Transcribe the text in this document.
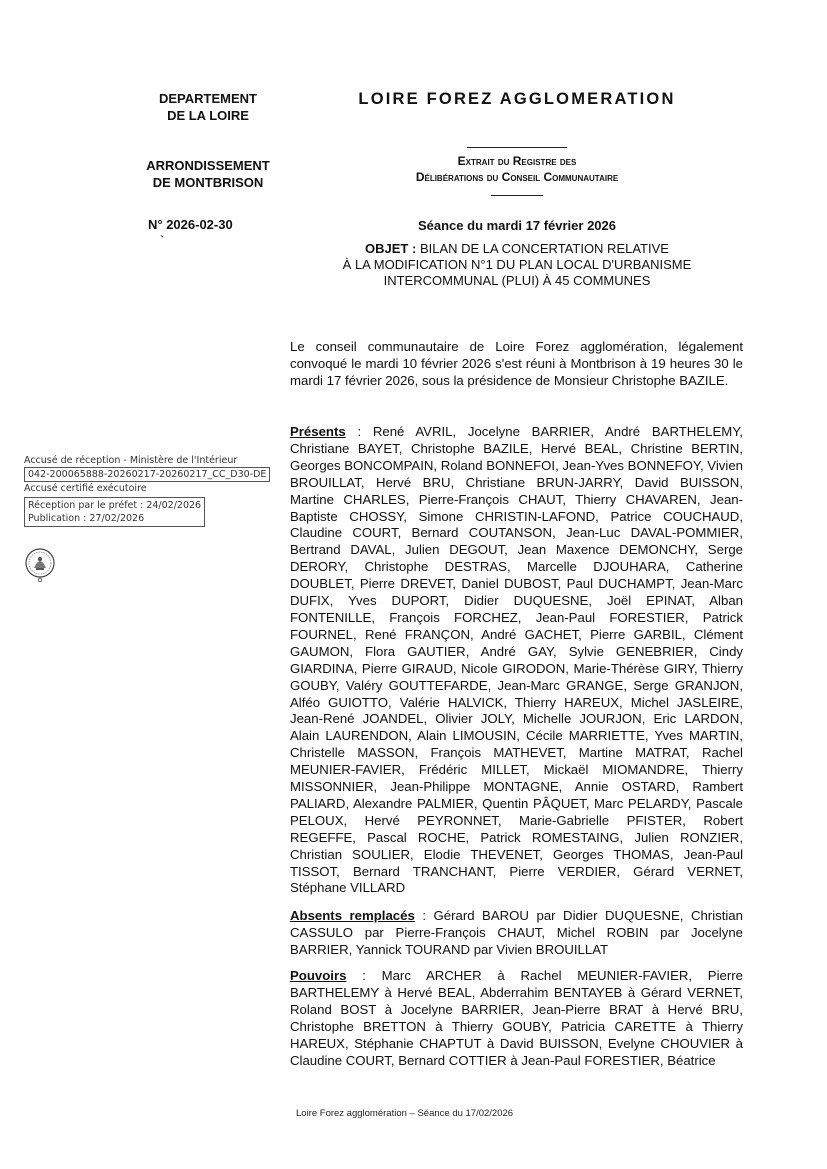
DEPARTEMENT
DE LA LOIRE
ARRONDISSEMENT
DE MONTBRISON
N° 2026-02-30
`
LOIRE FOREZ AGGLOMERATION
Extrait du Registre des
Délibérations du Conseil Communautaire
Séance du mardi 17 février 2026
OBJET : BILAN DE LA CONCERTATION RELATIVE
À LA MODIFICATION N°1 DU PLAN LOCAL D'URBANISME
INTERCOMMUNAL (PLUI) À 45 COMMUNES
Accusé de réception - Ministère de l'Intérieur
042-200065888-20260217-20260217_CC_D30-DE
Accusé certifié exécutoire
Réception par le préfet : 24/02/2026
Publication : 27/02/2026
Le conseil communautaire de Loire Forez agglomération, légalement convoqué le mardi 10 février 2026 s'est réuni à Montbrison à 19 heures 30 le mardi 17 février 2026, sous la présidence de Monsieur Christophe BAZILE.
Présents : René AVRIL, Jocelyne BARRIER, André BARTHELEMY, Christiane BAYET, Christophe BAZILE, Hervé BEAL, Christine BERTIN, Georges BONCOMPAIN, Roland BONNEFOI, Jean-Yves BONNEFOY, Vivien BROUILLAT, Hervé BRU, Christiane BRUN-JARRY, David BUISSON, Martine CHARLES, Pierre-François CHAUT, Thierry CHAVAREN, Jean-Baptiste CHOSSY, Simone CHRISTIN-LAFOND, Patrice COUCHAUD, Claudine COURT, Bernard COUTANSON, Jean-Luc DAVAL-POMMIER, Bertrand DAVAL, Julien DEGOUT, Jean Maxence DEMONCHY, Serge DERORY, Christophe DESTRAS, Marcelle DJOUHARA, Catherine DOUBLET, Pierre DREVET, Daniel DUBOST, Paul DUCHAMPT, Jean-Marc DUFIX, Yves DUPORT, Didier DUQUESNE, Joël EPINAT, Alban FONTENILLE, François FORCHEZ, Jean-Paul FORESTIER, Patrick FOURNEL, René FRANÇON, André GACHET, Pierre GARBIL, Clément GAUMON, Flora GAUTIER, André GAY, Sylvie GENEBRIER, Cindy GIARDINA, Pierre GIRAUD, Nicole GIRODON, Marie-Thérèse GIRY, Thierry GOUBY, Valéry GOUTTEFARDE, Jean-Marc GRANGE, Serge GRANJON, Alféo GUIOTTO, Valérie HALVICK, Thierry HAREUX, Michel JASLEIRE, Jean-René JOANDEL, Olivier JOLY, Michelle JOURJON, Eric LARDON, Alain LAURENDON, Alain LIMOUSIN, Cécile MARRIETTE, Yves MARTIN, Christelle MASSON, François MATHEVET, Martine MATRAT, Rachel MEUNIER-FAVIER, Frédéric MILLET, Mickaël MIOMANDRE, Thierry MISSONNIER, Jean-Philippe MONTAGNE, Annie OSTARD, Rambert PALIARD, Alexandre PALMIER, Quentin PÂQUET, Marc PELARDY, Pascale PELOUX, Hervé PEYRONNET, Marie-Gabrielle PFISTER, Robert REGEFFE, Pascal ROCHE, Patrick ROMESTAING, Julien RONZIER, Christian SOULIER, Elodie THEVENET, Georges THOMAS, Jean-Paul TISSOT, Bernard TRANCHANT, Pierre VERDIER, Gérard VERNET, Stéphane VILLARD
Absents remplacés : Gérard BAROU par Didier DUQUESNE, Christian CASSULO par Pierre-François CHAUT, Michel ROBIN par Jocelyne BARRIER, Yannick TOURAND par Vivien BROUILLAT
Pouvoirs : Marc ARCHER à Rachel MEUNIER-FAVIER, Pierre BARTHELEMY à Hervé BEAL, Abderrahim BENTAYEB à Gérard VERNET, Roland BOST à Jocelyne BARRIER, Jean-Pierre BRAT à Hervé BRU, Christophe BRETTON à Thierry GOUBY, Patricia CARETTE à Thierry HAREUX, Stéphanie CHAPTUT à David BUISSON, Evelyne CHOUVIER à Claudine COURT, Bernard COTTIER à Jean-Paul FORESTIER, Béatrice
Loire Forez agglomération – Séance du 17/02/2026
